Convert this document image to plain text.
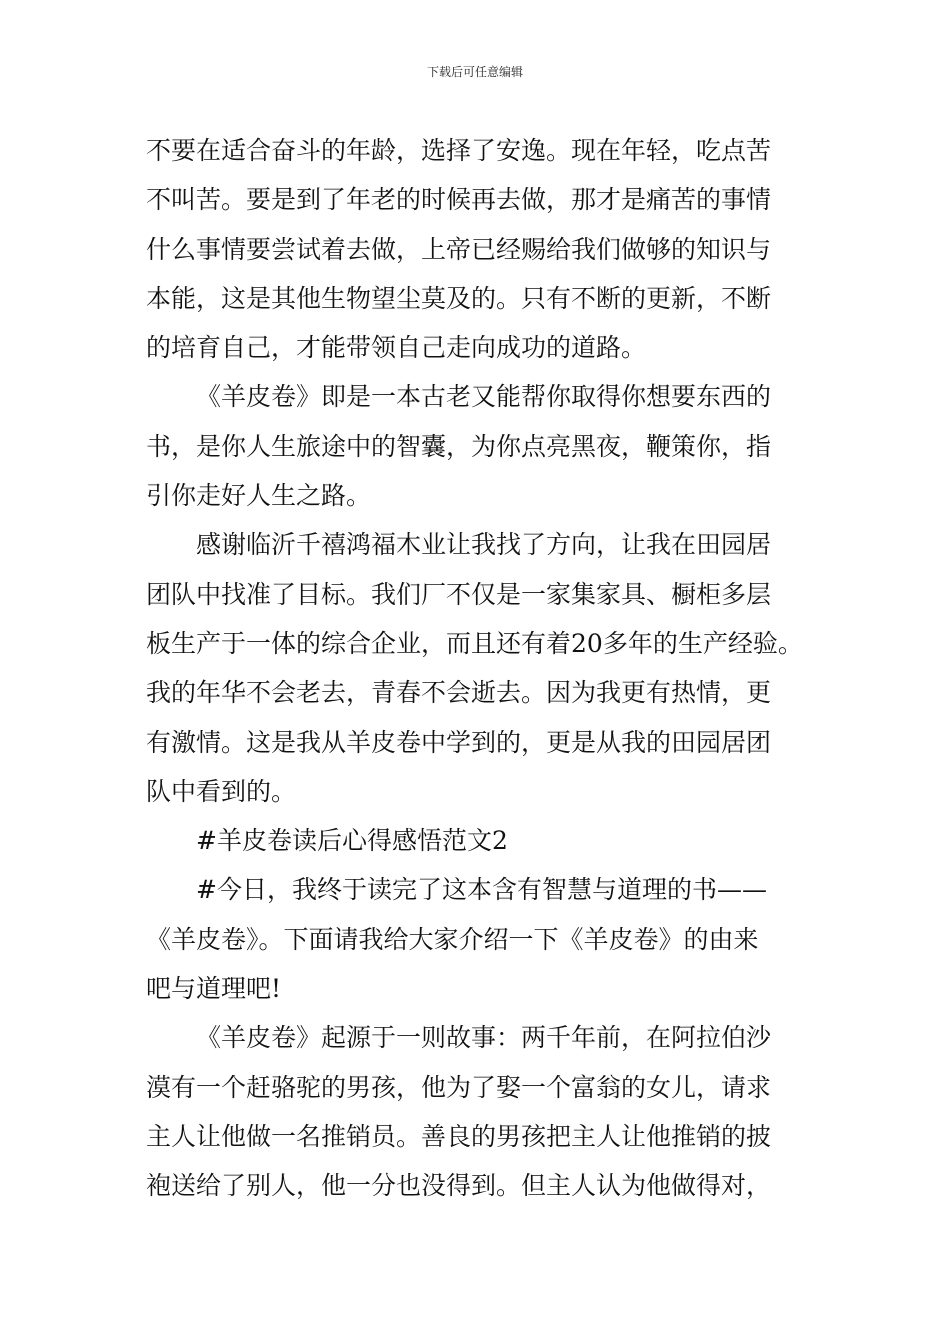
下载后可任意编辑
不要在适合奋斗的年龄，选择了安逸。现在年轻，吃点苦
不叫苦。要是到了年老的时候再去做，那才是痛苦的事情
什么事情要尝试着去做，上帝已经赐给我们做够的知识与
本能，这是其他生物望尘莫及的。只有不断的更新，不断
的培育自己，才能带领自己走向成功的道路。
《羊皮卷》即是一本古老又能帮你取得你想要东西的
书，是你人生旅途中的智囊，为你点亮黑夜，鞭策你，指
引你走好人生之路。
感谢临沂千禧鸿福木业让我找了方向，让我在田园居
团队中找准了目标。我们厂不仅是一家集家具、橱柜多层
板生产于一体的综合企业，而且还有着20多年的生产经验。
我的年华不会老去，青春不会逝去。因为我更有热情，更
有激情。这是我从羊皮卷中学到的，更是从我的田园居团
队中看到的。
#羊皮卷读后心得感悟范文2
#今日，我终于读完了这本含有智慧与道理的书——
《羊皮卷》。下面请我给大家介绍一下《羊皮卷》的由来
吧与道理吧!
《羊皮卷》起源于一则故事：两千年前，在阿拉伯沙
漠有一个赶骆驼的男孩，他为了娶一个富翁的女儿，请求
主人让他做一名推销员。善良的男孩把主人让他推销的披
袍送给了别人，他一分也没得到。但主人认为他做得对，
